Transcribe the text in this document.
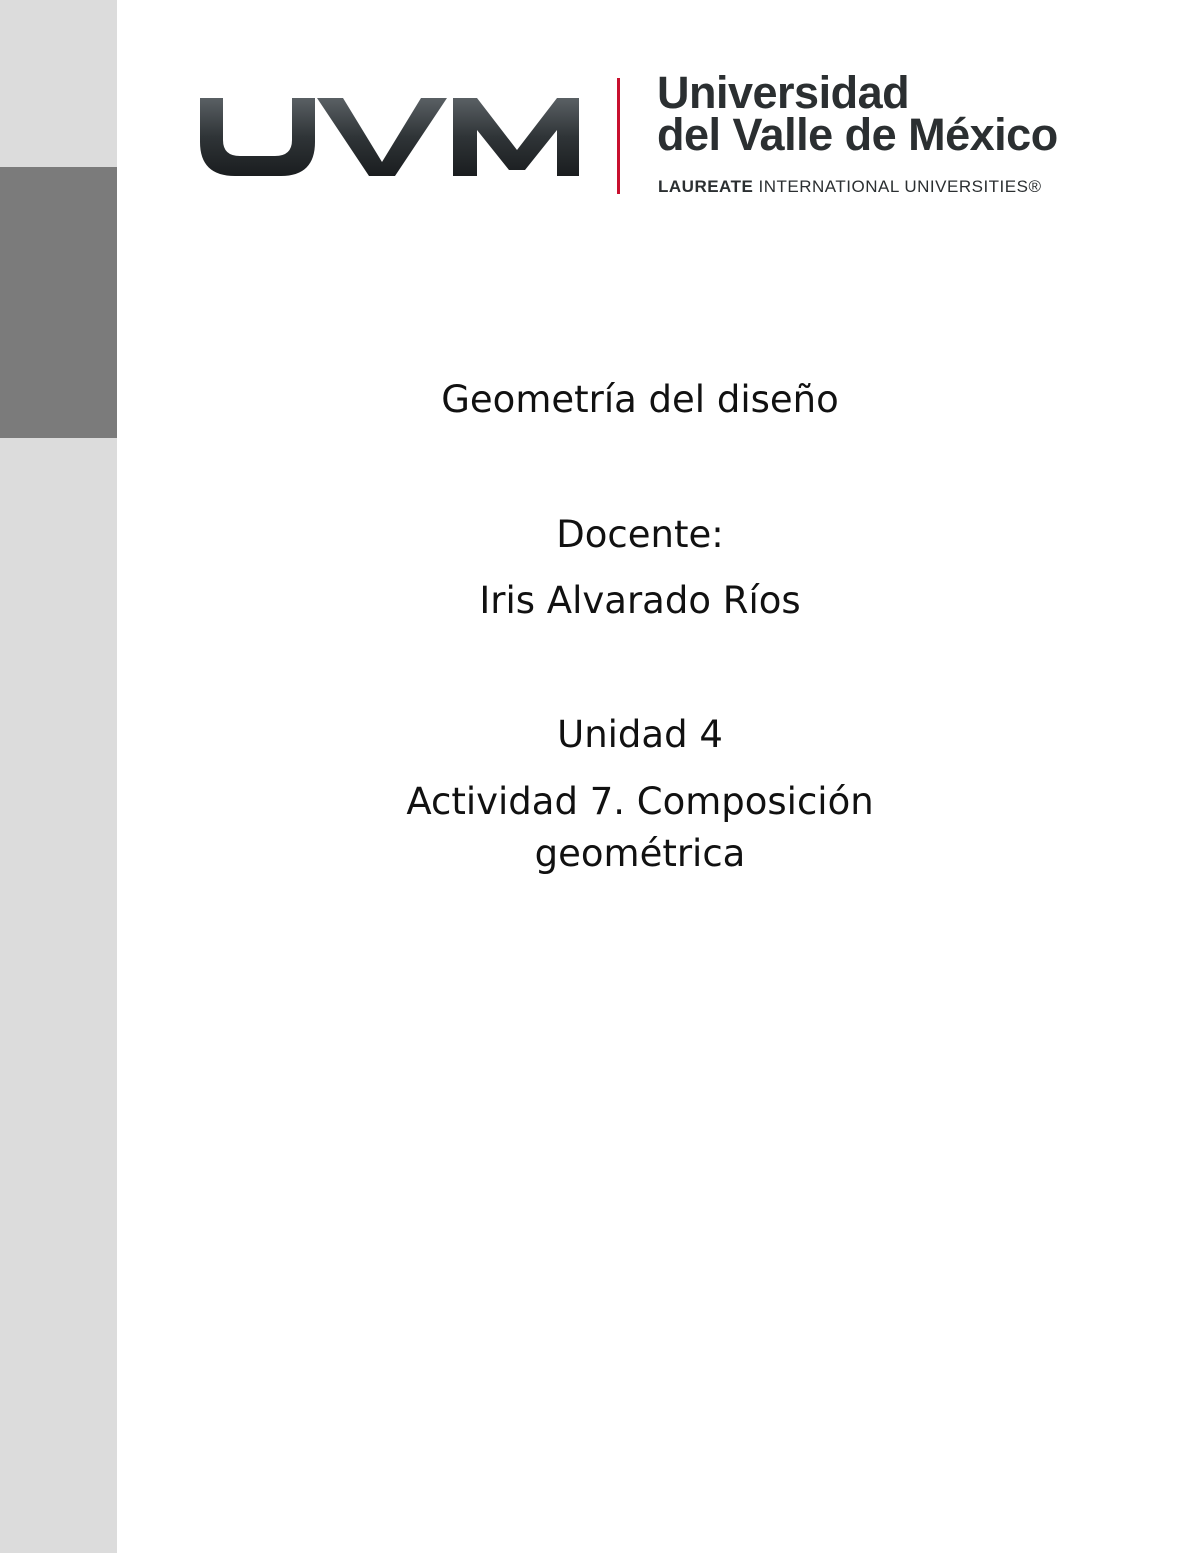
Universidad
del Valle de México
LAUREATE INTERNATIONAL UNIVERSITIES®
Geometría del diseño
Docente:
Iris Alvarado Ríos
Unidad 4
Actividad 7. Composición geométrica
